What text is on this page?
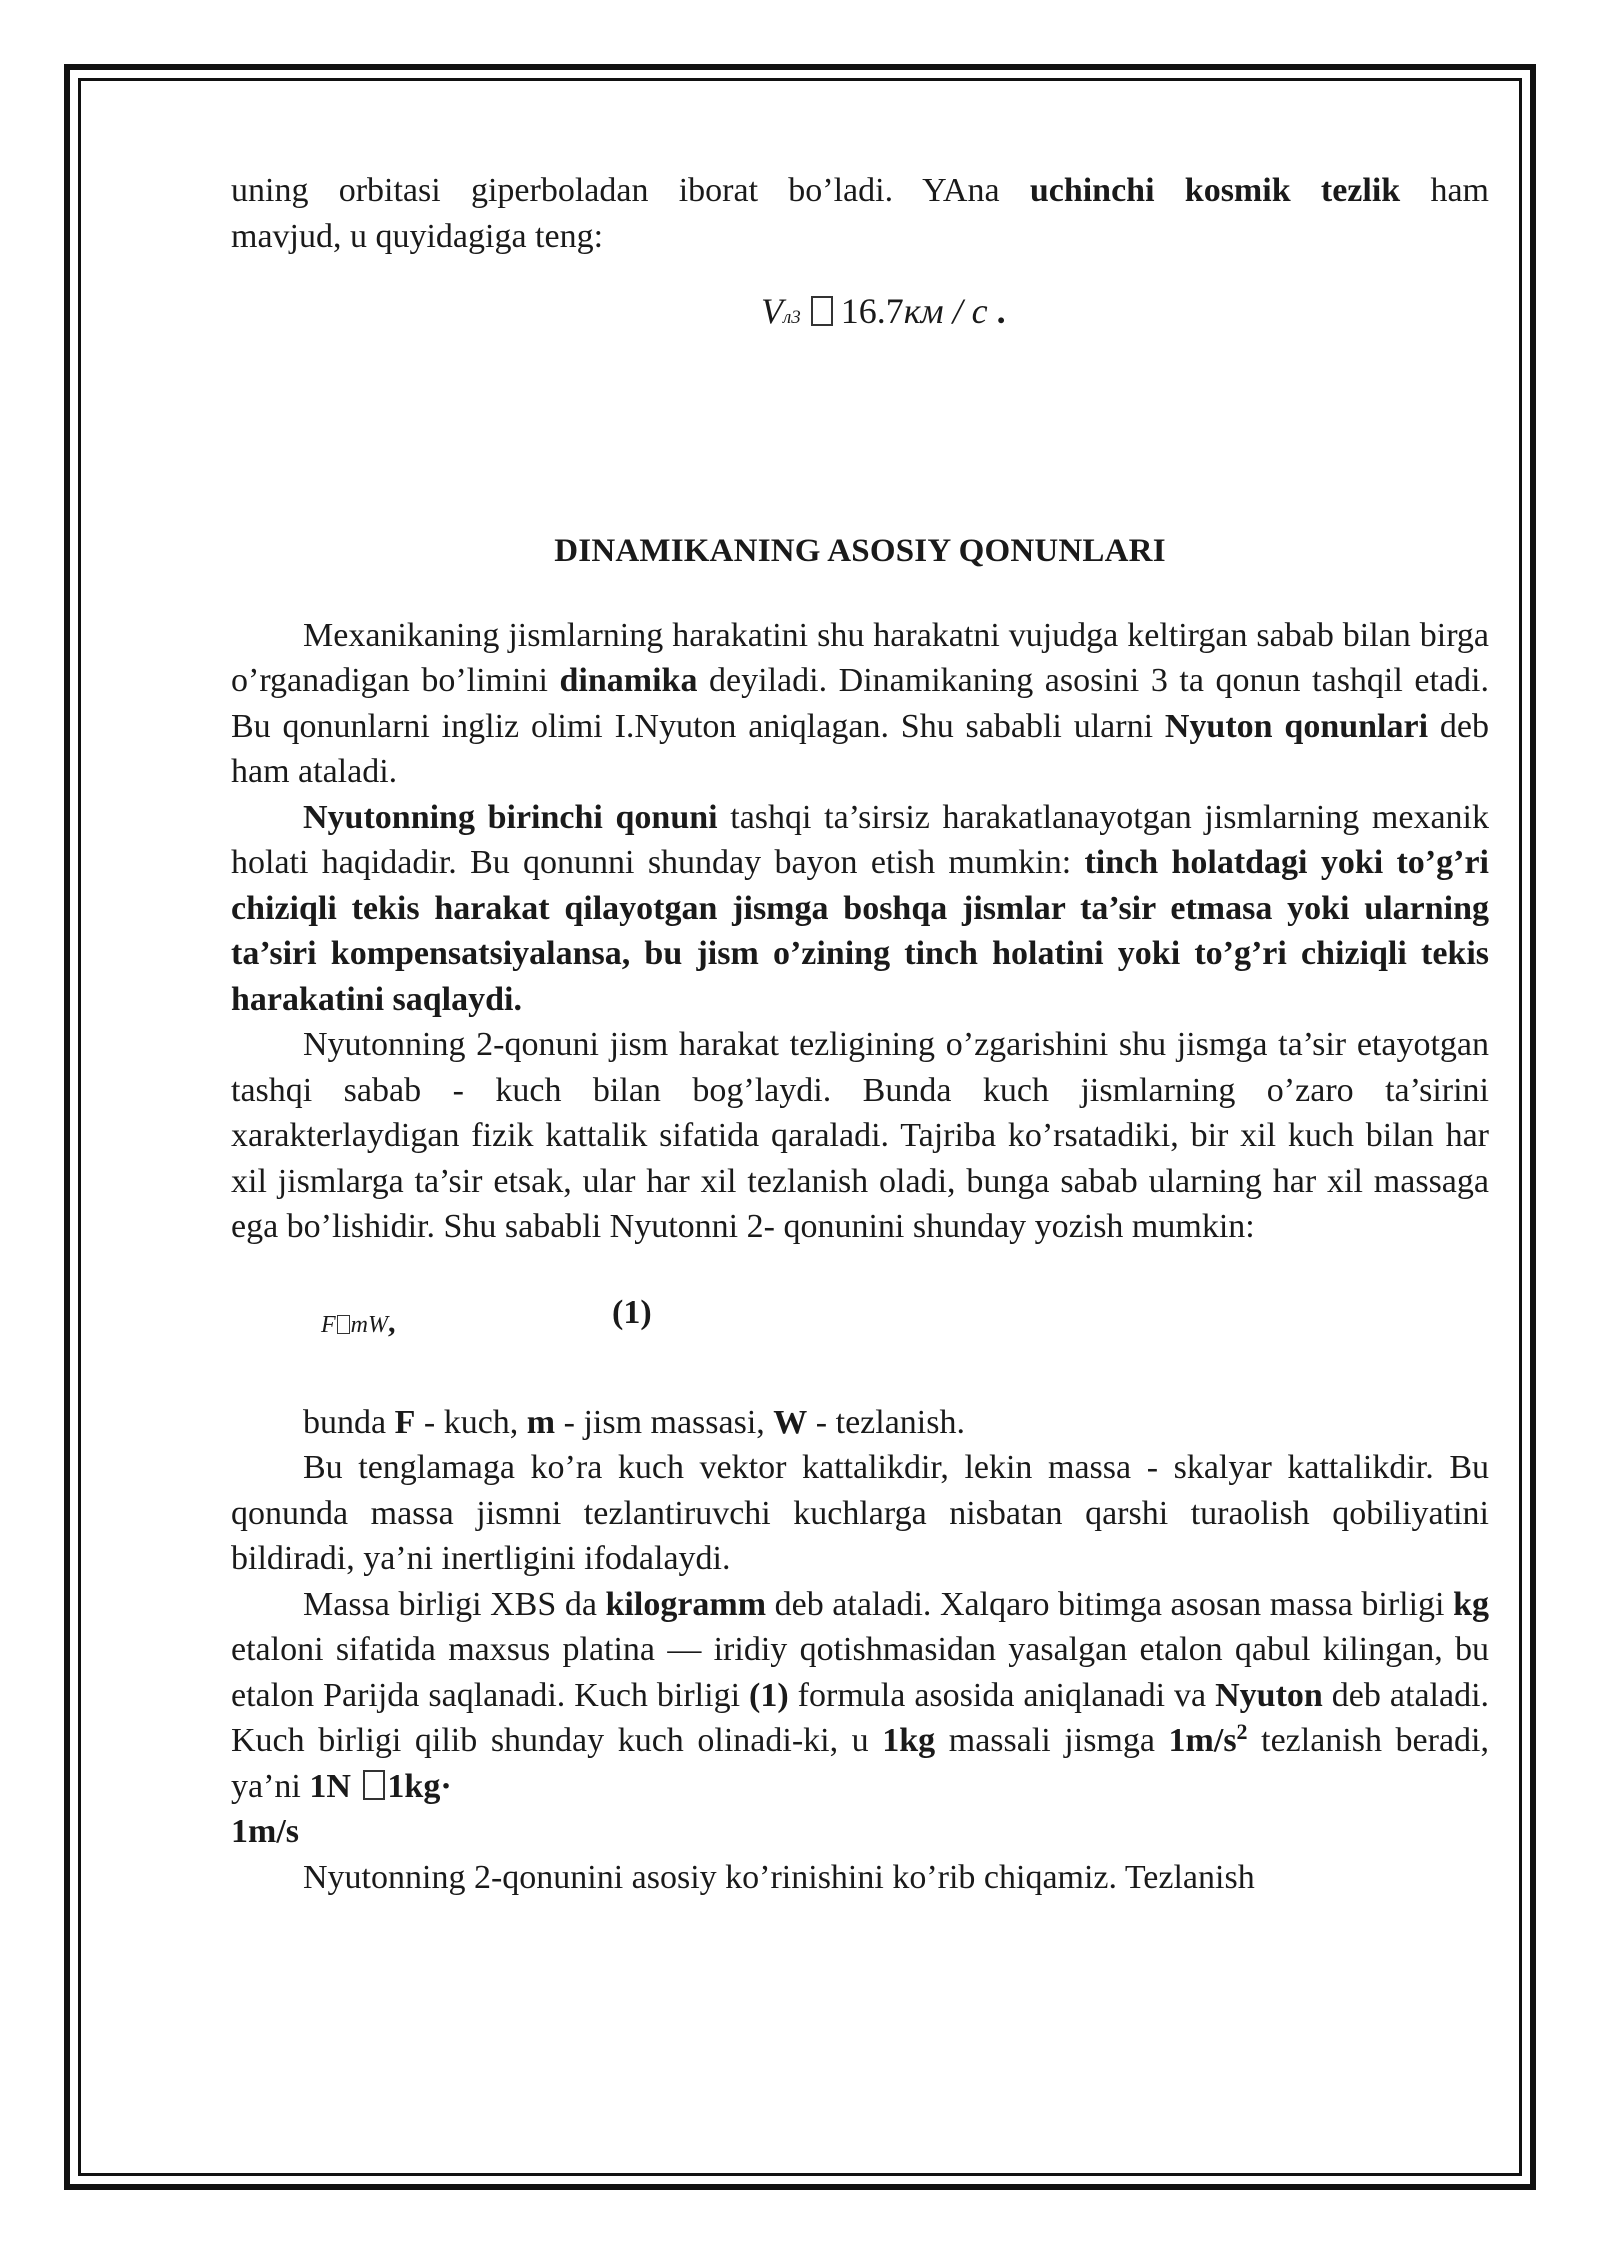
uning orbitasi giperboladan iborat bo’ladi. YAna uchinchi kosmik tezlik ham

mavjud, u quyidagiga teng:

Vл3 16.7км / с .
DINAMIKANING ASOSIY QONUNLARI

Mexanikaning jismlarning harakatini shu harakatni vujudga keltirgan sabab bilan birga o’rganadigan bo’limini dinamika deyiladi. Dinamikaning asosini 3 ta qonun tashqil etadi. Bu qonunlarni ingliz olimi I.Nyuton aniqlagan. Shu sababli ularni Nyuton qonunlari deb ham ataladi.

Nyutonning birinchi qonuni tashqi ta’sirsiz harakatlanayotgan jismlarning mexanik holati haqidadir. Bu qonunni shunday bayon etish mumkin: tinch holatdagi yoki to’g’ri chiziqli tekis harakat qilayotgan jismga boshqa jismlar ta’sir etmasa yoki ularning ta’siri kompensatsiyalansa, bu jism o’zining tinch holatini yoki to’g’ri chiziqli tekis harakatini saqlaydi.

Nyutonning 2-qonuni jism harakat tezligining o’zgarishini shu jismga ta’sir etayotgan tashqi sabab - kuch bilan bog’laydi. Bunda kuch jismlarning o’zaro ta’sirini xarakterlaydigan fizik kattalik sifatida qaraladi. Tajriba ko’rsatadiki, bir xil kuch bilan har xil jismlarga ta’sir etsak, ular har xil tezlanish oladi, bunga sabab ularning har xil massaga ega bo’lishidir. Shu sababli Nyutonni 2- qonunini shunday yozish mumkin:

F mW,	(1)

bunda F - kuch, m - jism massasi, W - tezlanish.

Bu tenglamaga ko’ra kuch vektor kattalikdir, lekin massa - skalyar kattalikdir. Bu qonunda massa jismni tezlantiruvchi kuchlarga nisbatan qarshi turaolish qobiliyatini bildiradi, ya’ni inertligini ifodalaydi.

Massa birligi XBS da kilogramm deb ataladi. Xalqaro bitimga asosan massa birligi kg etaloni sifatida maxsus platina — iridiy qotishmasidan yasalgan etalon qabul kilingan, bu etalon Parijda saqlanadi. Kuch birligi (1) formula asosida aniqlanadi va Nyuton deb ataladi. Kuch birligi qilib shunday kuch olinadi-ki, u 1kg massali jismga $1m/s^2$ tezlanish beradi, ya’ni 1N 1kg·
1m/s

Nyutonning 2-qonunini asosiy ko’rinishini ko’rib chiqamiz. Tezlanish
